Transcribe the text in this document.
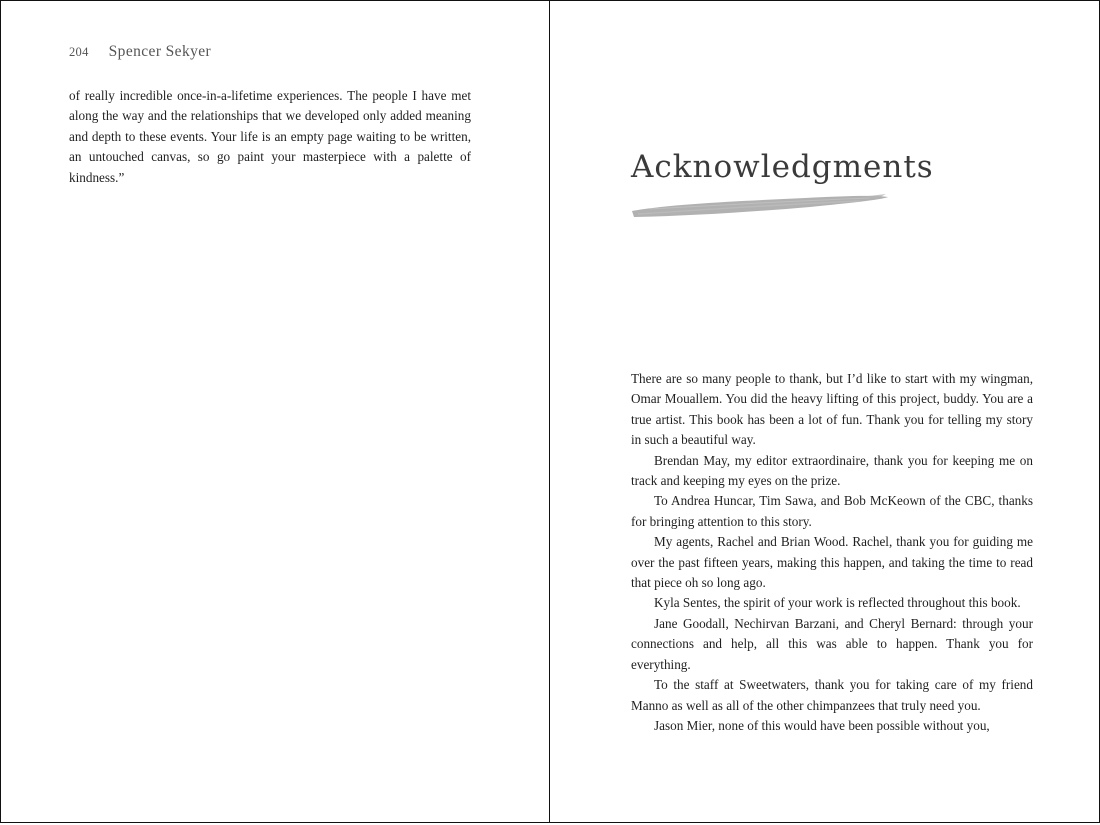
204 Spencer Sekyer

of really incredible once-in-a-lifetime experiences. The people I have met along the way and the relationships that we developed only added meaning and depth to these events. Your life is an empty page waiting to be written, an untouched canvas, so go paint your masterpiece with a palette of kindness.”	Acknowledgments

There are so many people to thank, but I’d like to start with my wingman, Omar Mouallem. You did the heavy lifting of this project, buddy. You are a true artist. This book has been a lot of fun. Thank you for telling my story in such a beautiful way.

Brendan May, my editor extraordinaire, thank you for keeping me on track and keeping my eyes on the prize.

To Andrea Huncar, Tim Sawa, and Bob McKeown of the CBC, thanks for bringing attention to this story.

My agents, Rachel and Brian Wood. Rachel, thank you for guiding me over the past fifteen years, making this happen, and taking the time to read that piece oh so long ago.

Kyla Sentes, the spirit of your work is reflected throughout this book.

Jane Goodall, Nechirvan Barzani, and Cheryl Bernard: through your connections and help, all this was able to happen. Thank you for everything.

To the staff at Sweetwaters, thank you for taking care of my friend Manno as well as all of the other chimpanzees that truly need you.

Jason Mier, none of this would have been possible without you,
